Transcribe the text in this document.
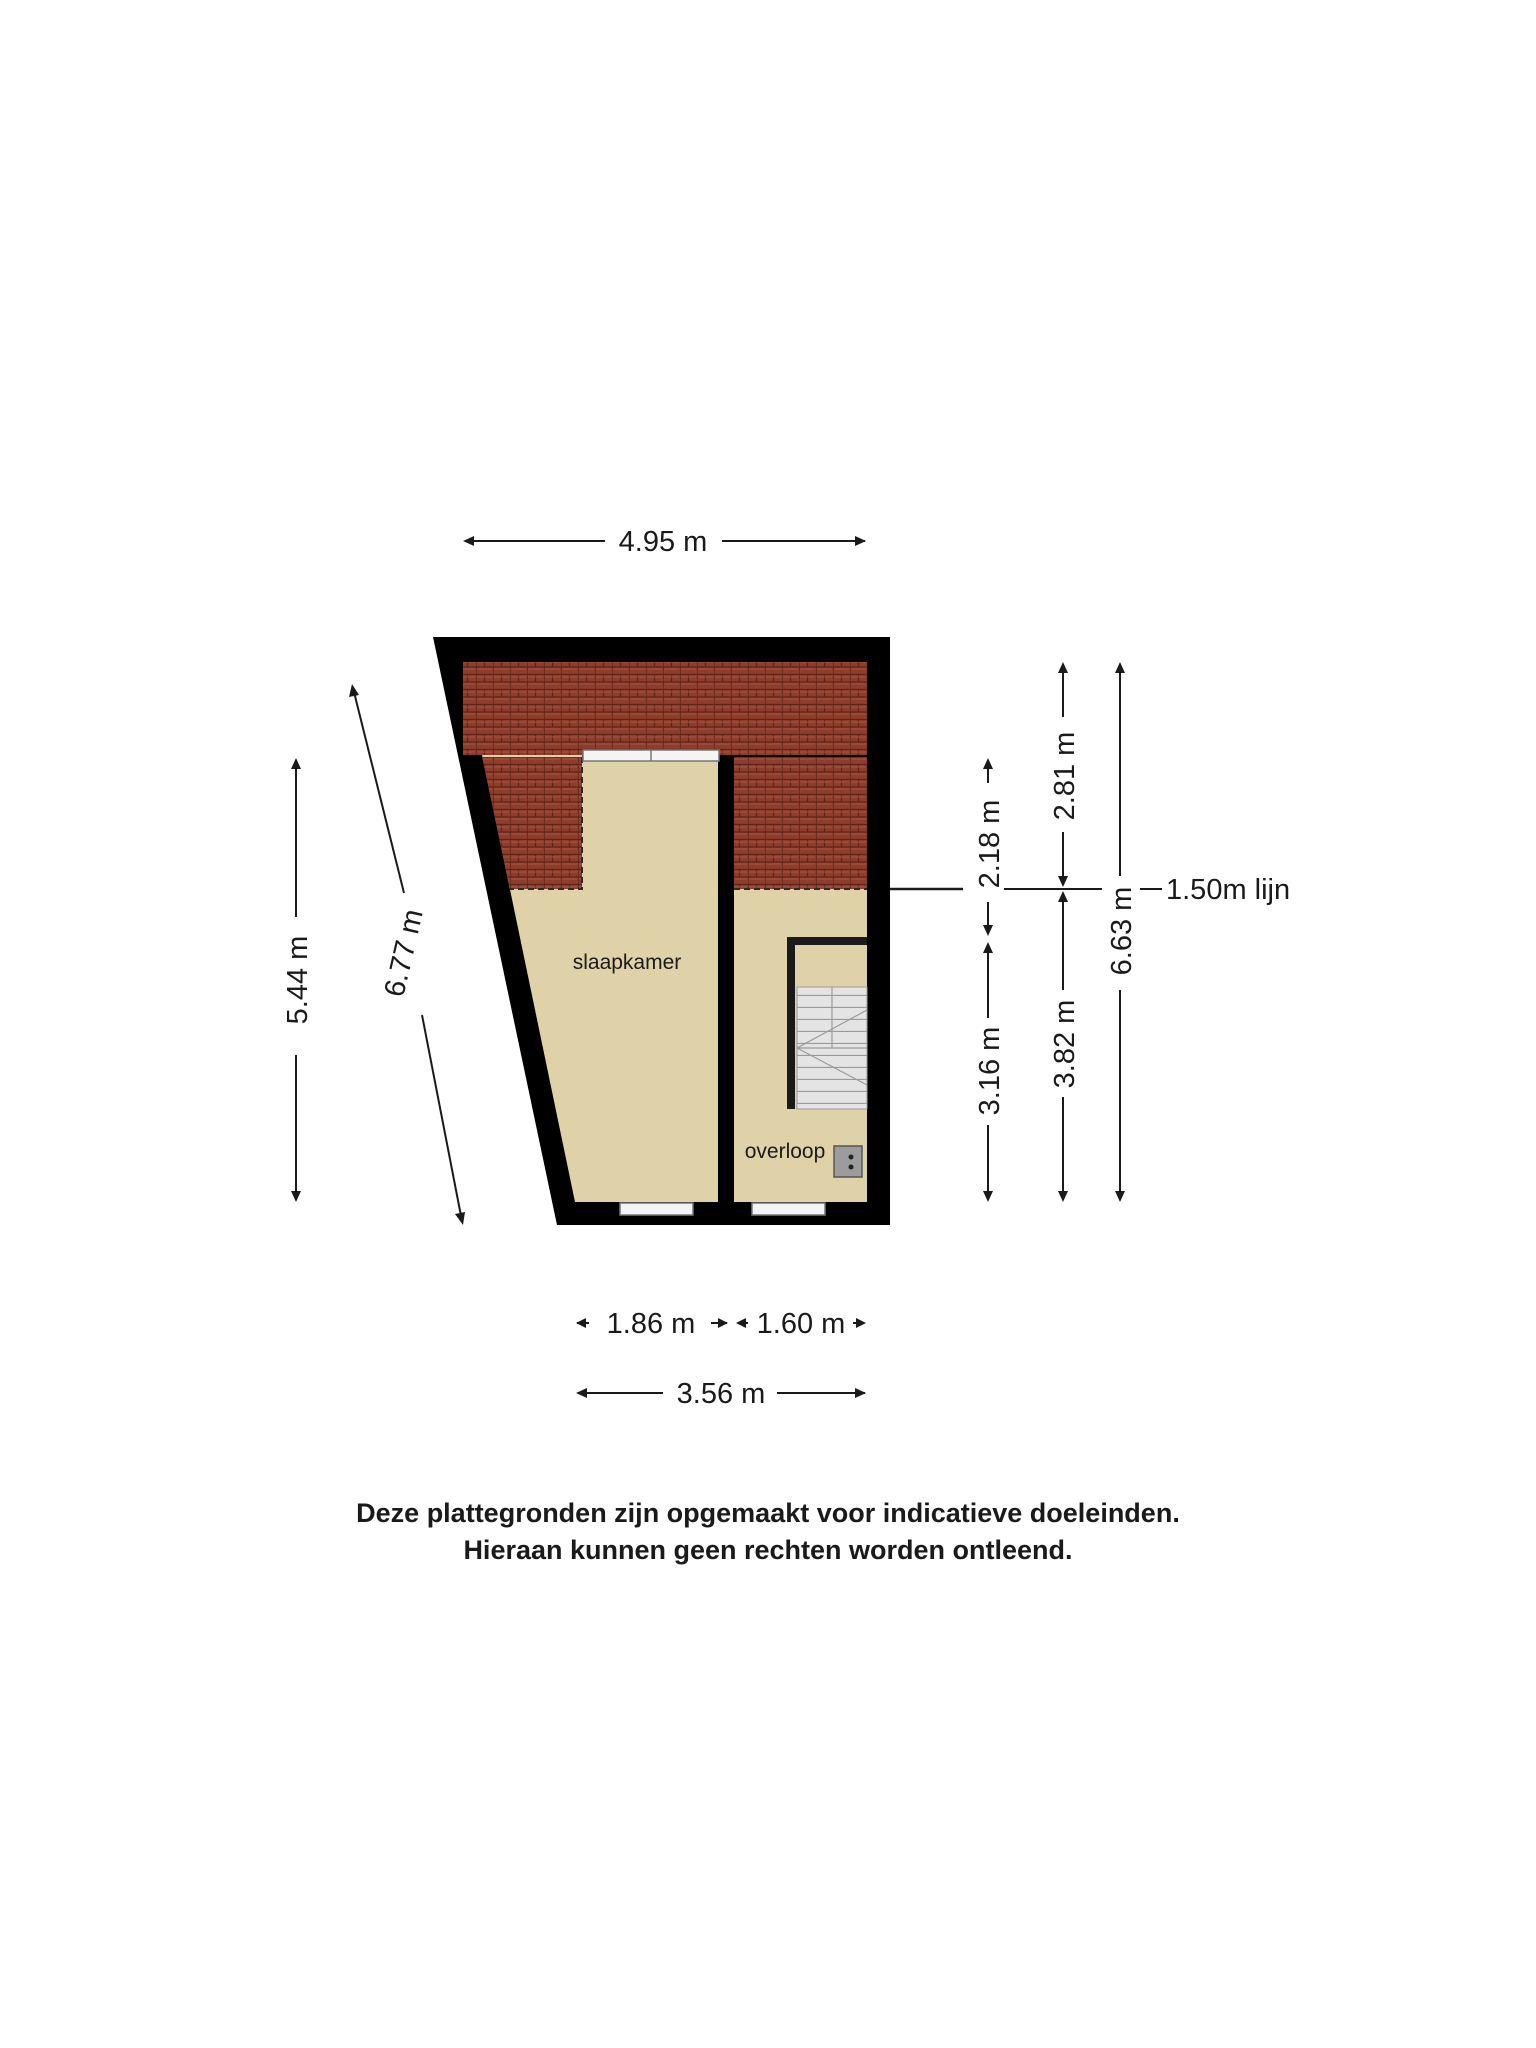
slaapkamer
overloop
4.95 m
5.44 m 6.77 m
1.86 m 1.60 m
3.56 m
1.50m lijn
2.18 m
3.16 m
2.81 m
3.82 m
6.63 m
Deze plattegronden zijn opgemaakt voor indicatieve doeleinden.
Hieraan kunnen geen rechten worden ontleend.
